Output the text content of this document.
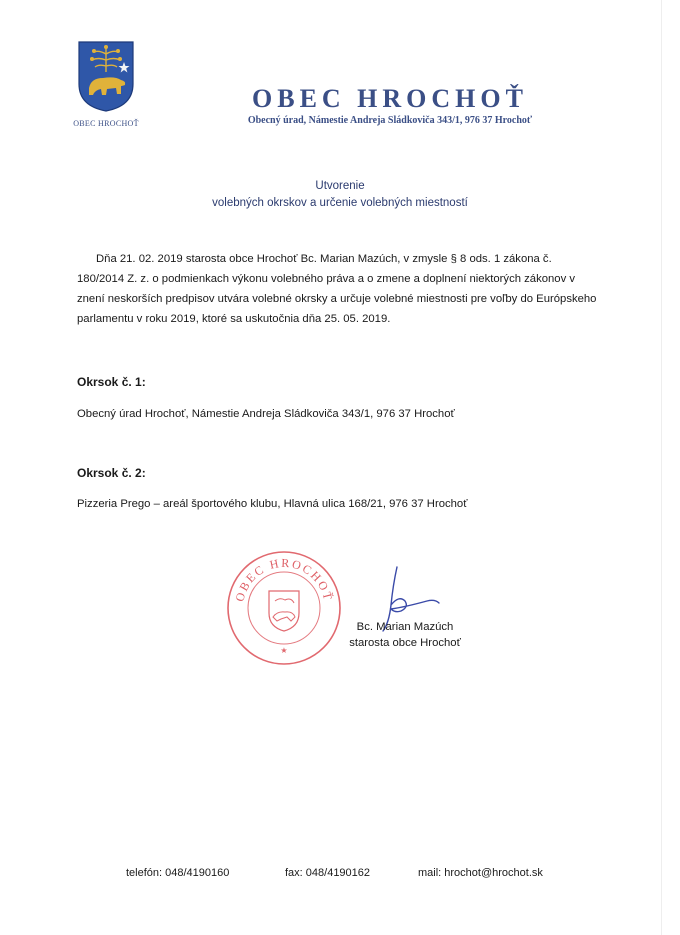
OBEC HROCHOŤ
OBEC HROCHOŤ
Obecný úrad, Námestie Andreja Sládkoviča 343/1, 976 37 Hrochoť
Utvorenie
volebných okrskov a určenie volebných miestností
Dňa 21. 02. 2019 starosta obce Hrochoť Bc. Marian Mazúch, v zmysle § 8 ods. 1 zákona č. 180/2014 Z. z. o podmienkach výkonu volebného práva a o zmene a doplnení niektorých zákonov v znení neskorších predpisov utvára volebné okrsky a určuje volebné miestnosti pre voľby do Európskeho parlamentu v roku 2019, ktoré sa uskutočnia dňa 25. 05. 2019.
Okrsok č. 1:
Obecný úrad Hrochoť, Námestie Andreja Sládkoviča 343/1, 976 37 Hrochoť
Okrsok č. 2:
Pizzeria Prego – areál športového klubu, Hlavná ulica 168/21, 976 37 Hrochoť
OBEC HROCHOŤ
★
Bc. Marian Mazúch
starosta obce Hrochoť
telefón: 048/4190160	fax: 048/4190162	mail: hrochot@hrochot.sk
